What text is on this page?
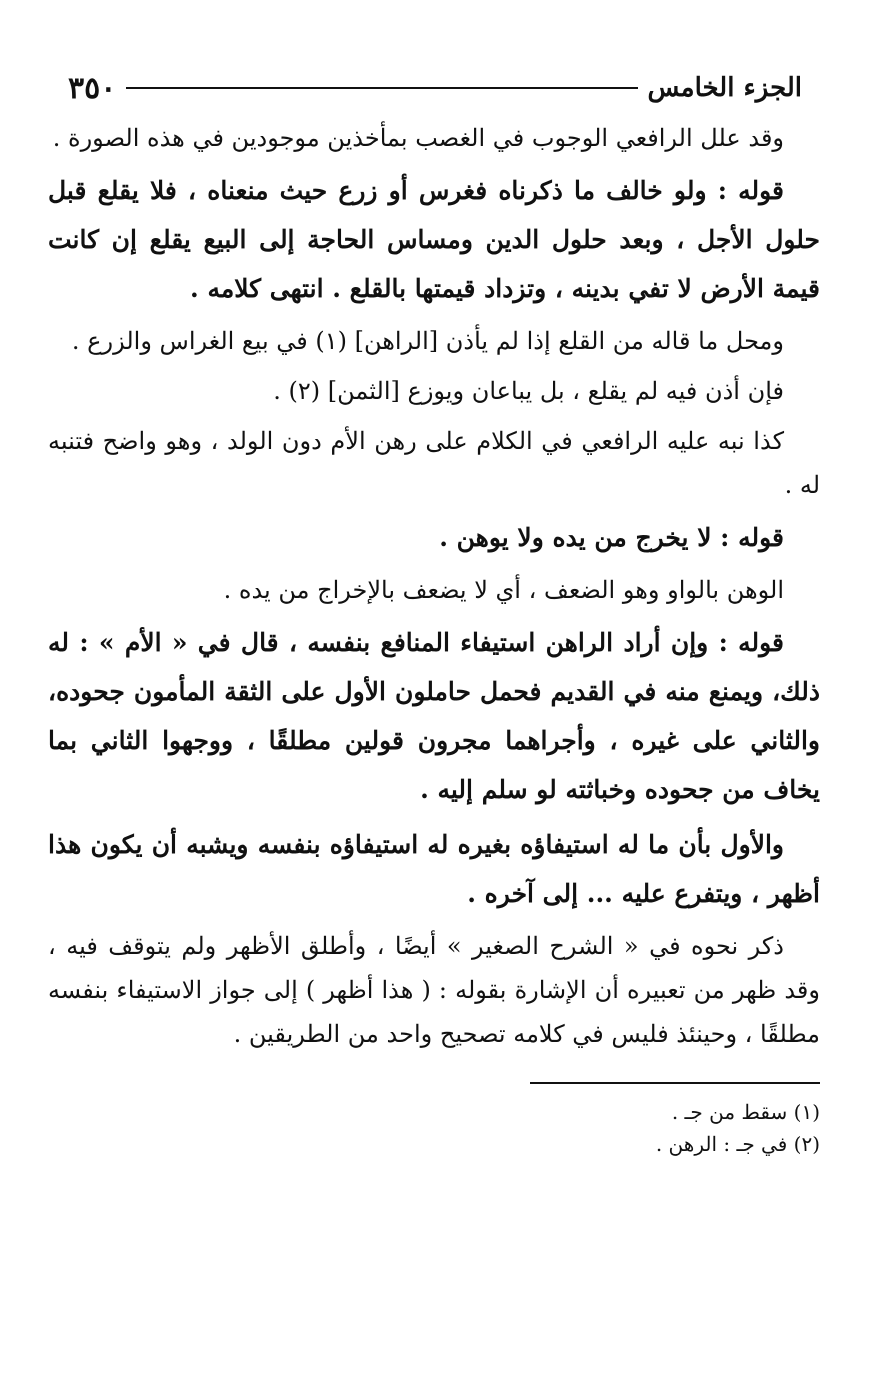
الجزء الخامس
٣٥٠

وقد علل الرافعي الوجوب في الغصب بمأخذين موجودين في هذه الصورة .

قوله : ولو خالف ما ذكرناه فغرس أو زرع حيث منعناه ، فلا يقلع قبل حلول الأجل ، وبعد حلول الدين ومساس الحاجة إلى البيع يقلع إن كانت قيمة الأرض لا تفي بدينه ، وتزداد قيمتها بالقلع . انتهى كلامه .

ومحل ما قاله من القلع إذا لم يأذن [الراهن] (١) في بيع الغراس والزرع .

فإن أذن فيه لم يقلع ، بل يباعان ويوزع [الثمن] (٢) .

كذا نبه عليه الرافعي في الكلام على رهن الأم دون الولد ، وهو واضح فتنبه له .

قوله : لا يخرج من يده ولا يوهن .

الوهن بالواو وهو الضعف ، أي لا يضعف بالإخراج من يده .

قوله : وإن أراد الراهن استيفاء المنافع بنفسه ، قال في « الأم » : له ذلك، ويمنع منه في القديم فحمل حاملون الأول على الثقة المأمون جحوده، والثاني على غيره ، وأجراهما مجرون قولين مطلقًا ، ووجهوا الثاني بما يخاف من جحوده وخباثته لو سلم إليه .

والأول بأن ما له استيفاؤه بغيره له استيفاؤه بنفسه ويشبه أن يكون هذا أظهر ، ويتفرع عليه ... إلى آخره .

ذكر نحوه في « الشرح الصغير » أيضًا ، وأطلق الأظهر ولم يتوقف فيه ، وقد ظهر من تعبيره أن الإشارة بقوله : ( هذا أظهر ) إلى جواز الاستيفاء بنفسه مطلقًا ، وحينئذ فليس في كلامه تصحيح واحد من الطريقين .

(١) سقط من جـ .

(٢) في جـ : الرهن .
